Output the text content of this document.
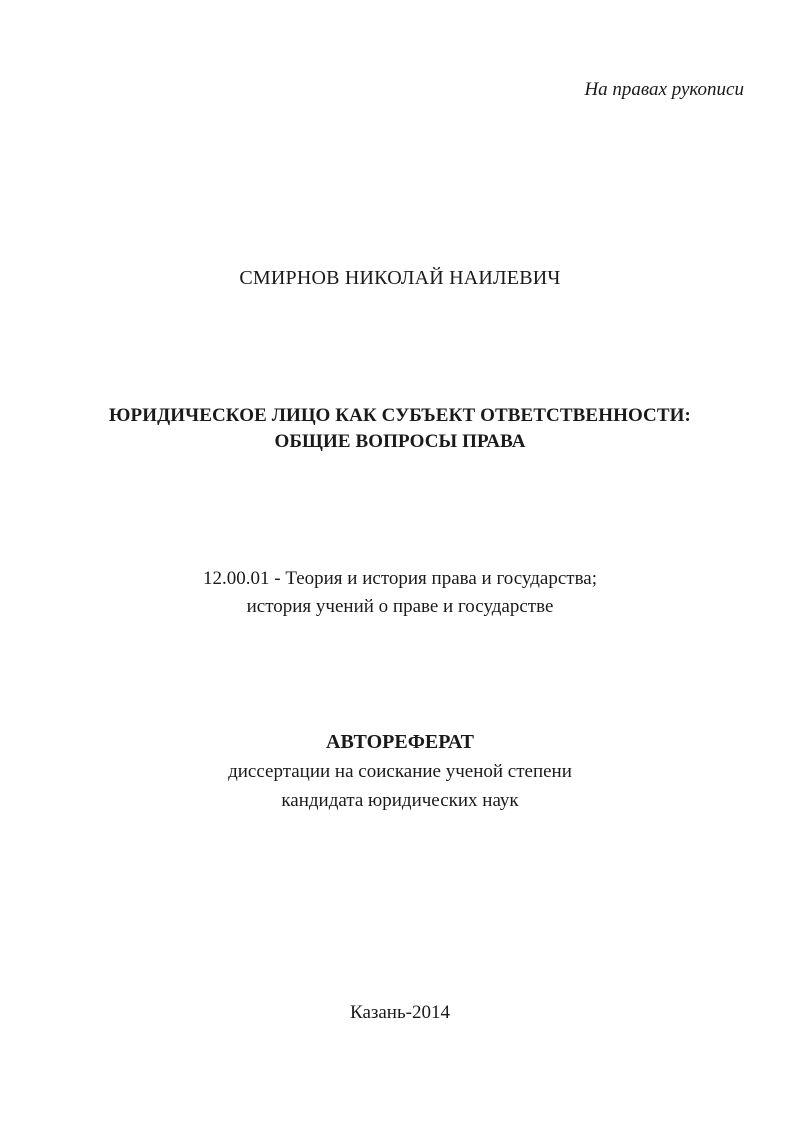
На правах рукописи
СМИРНОВ НИКОЛАЙ НАИЛЕВИЧ
ЮРИДИЧЕСКОЕ ЛИЦО КАК СУБЪЕКТ ОТВЕТСТВЕННОСТИ:
ОБЩИЕ ВОПРОСЫ ПРАВА
12.00.01 - Теория и история права и государства;
история учений о праве и государстве
АВТОРЕФЕРАТ
диссертации на соискание ученой степени
кандидата юридических наук
Казань-2014
